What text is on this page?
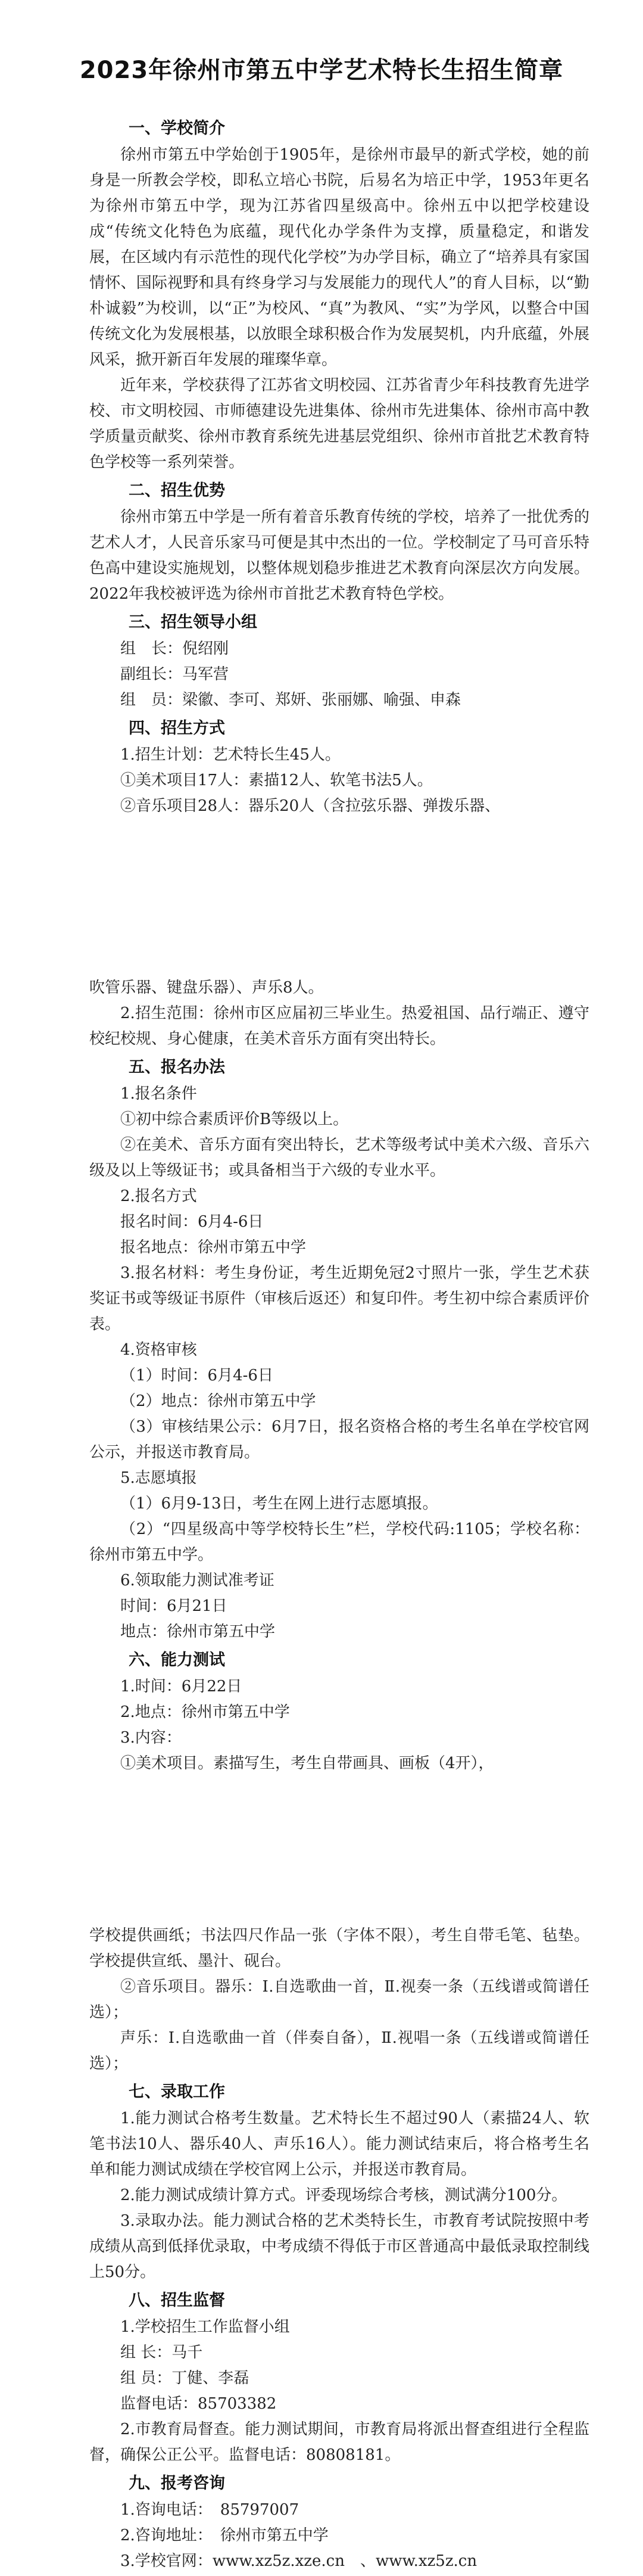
2023年徐州市第五中学艺术特长生招生简章
一、学校简介

徐州市第五中学始创于1905年，是徐州市最早的新式学校，她的前身是一所教会学校，即私立培心书院，后易名为培正中学，1953年更名为徐州市第五中学，现为江苏省四星级高中。徐州五中以把学校建设成“传统文化特色为底蕴，现代化办学条件为支撑，质量稳定，和谐发展，在区域内有示范性的现代化学校”为办学目标，确立了“培养具有家国情怀、国际视野和具有终身学习与发展能力的现代人”的育人目标，以“勤朴诚毅”为校训，以“正”为校风、“真”为教风、“实”为学风，以整合中国传统文化为发展根基，以放眼全球积极合作为发展契机，内升底蕴，外展风采，掀开新百年发展的璀璨华章。

近年来，学校获得了江苏省文明校园、江苏省青少年科技教育先进学校、市文明校园、市师德建设先进集体、徐州市先进集体、徐州市高中教学质量贡献奖、徐州市教育系统先进基层党组织、徐州市首批艺术教育特色学校等一系列荣誉。

二、招生优势

徐州市第五中学是一所有着音乐教育传统的学校，培养了一批优秀的艺术人才，人民音乐家马可便是其中杰出的一位。学校制定了马可音乐特色高中建设实施规划，以整体规划稳步推进艺术教育向深层次方向发展。2022年我校被评选为徐州市首批艺术教育特色学校。

三、招生领导小组

组　长：倪绍刚

副组长：马军营

组　员：梁徽、李可、郑妍、张丽娜、喻强、申森

四、招生方式

1.招生计划：艺术特长生45人。

①美术项目17人：素描12人、软笔书法5人。

②音乐项目28人：器乐20人（含拉弦乐器、弹拨乐器、

吹管乐器、键盘乐器）、声乐8人。

2.招生范围：徐州市区应届初三毕业生。热爱祖国、品行端正、遵守校纪校规、身心健康，在美术音乐方面有突出特长。

五、报名办法

1.报名条件

①初中综合素质评价B等级以上。

②在美术、音乐方面有突出特长，艺术等级考试中美术六级、音乐六级及以上等级证书；或具备相当于六级的专业水平。

2.报名方式

报名时间：6月4-6日

报名地点：徐州市第五中学

3.报名材料：考生身份证，考生近期免冠2寸照片一张，学生艺术获奖证书或等级证书原件（审核后返还）和复印件。考生初中综合素质评价表。

4.资格审核

（1）时间：6月4-6日

（2）地点：徐州市第五中学

（3）审核结果公示：6月7日，报名资格合格的考生名单在学校官网公示，并报送市教育局。

5.志愿填报

（1）6月9-13日，考生在网上进行志愿填报。

（2）“四星级高中等学校特长生”栏，学校代码:1105；学校名称：徐州市第五中学。

6.领取能力测试准考证

时间：6月21日

地点：徐州市第五中学

六、能力测试

1.时间：6月22日

2.地点：徐州市第五中学

3.内容：

①美术项目。素描写生，考生自带画具、画板（4开），

学校提供画纸；书法四尺作品一张（字体不限），考生自带毛笔、毡垫。学校提供宣纸、墨汁、砚台。

②音乐项目。器乐：Ⅰ.自选歌曲一首，Ⅱ.视奏一条（五线谱或简谱任选）；

声乐：Ⅰ.自选歌曲一首（伴奏自备），Ⅱ.视唱一条（五线谱或简谱任选）；

七、录取工作

1.能力测试合格考生数量。艺术特长生不超过90人（素描24人、软笔书法10人、器乐40人、声乐16人）。能力测试结束后，将合格考生名单和能力测试成绩在学校官网上公示，并报送市教育局。

2.能力测试成绩计算方式。评委现场综合考核，测试满分100分。

3.录取办法。能力测试合格的艺术类特长生，市教育考试院按照中考成绩从高到低择优录取，中考成绩不得低于市区普通高中最低录取控制线上50分。

八、招生监督

1.学校招生工作监督小组

组 长：马千

组 员：丁健、李磊

监督电话：85703382

2.市教育局督查。能力测试期间，市教育局将派出督查组进行全程监督，确保公正公平。监督电话：80808181。

九、报考咨询

1.咨询电话：　85797007

2.咨询地址：　徐州市第五中学

3.学校官网：www.xz5z.xze.cn　、www.xz5z.cn
